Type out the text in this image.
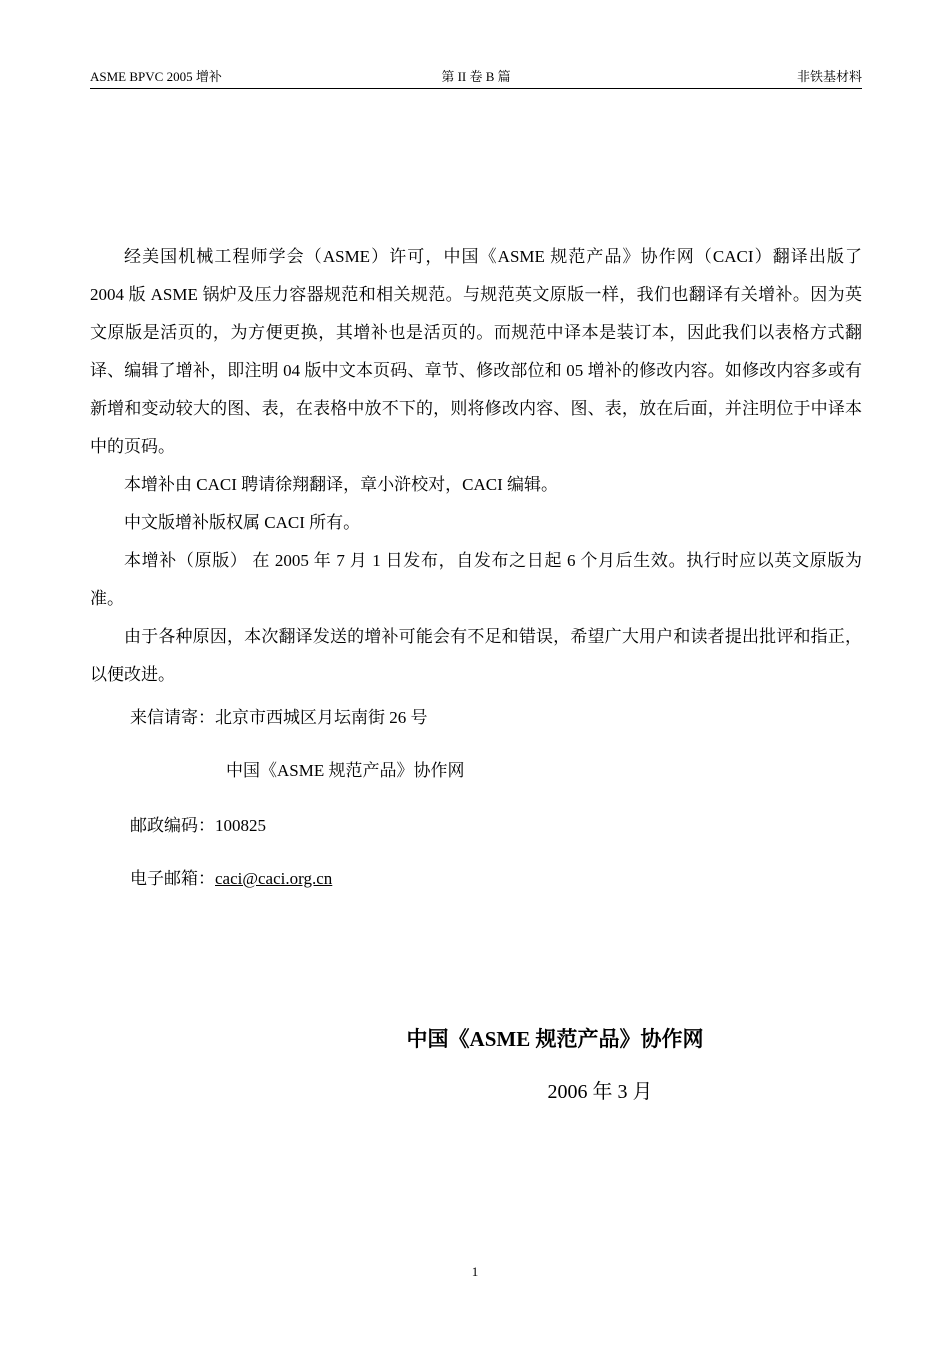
ASME BPVC 2005 增补	第 II 卷 B 篇	非铁基材料

经美国机械工程师学会（ASME）许可，中国《ASME 规范产品》协作网（CACI）翻译出版了 2004 版 ASME 锅炉及压力容器规范和相关规范。与规范英文原版一样，我们也翻译有关增补。因为英文原版是活页的，为方便更换，其增补也是活页的。而规范中译本是装订本，因此我们以表格方式翻译、编辑了增补，即注明 04 版中文本页码、章节、修改部位和 05 增补的修改内容。如修改内容多或有新增和变动较大的图、表，在表格中放不下的，则将修改内容、图、表，放在后面，并注明位于中译本中的页码。

本增补由 CACI 聘请徐翔翻译，章小浒校对，CACI 编辑。

中文版增补版权属 CACI 所有。

本增补（原版） 在 2005 年 7 月 1 日发布，自发布之日起 6 个月后生效。执行时应以英文原版为准。

由于各种原因，本次翻译发送的增补可能会有不足和错误，希望广大用户和读者提出批评和指正，以便改进。

来信请寄：北京市西城区月坛南街 26 号
中国《ASME 规范产品》协作网
邮政编码：100825
电子邮箱：caci@caci.org.cn
中国《ASME 规范产品》协作网
2006 年 3 月
1
